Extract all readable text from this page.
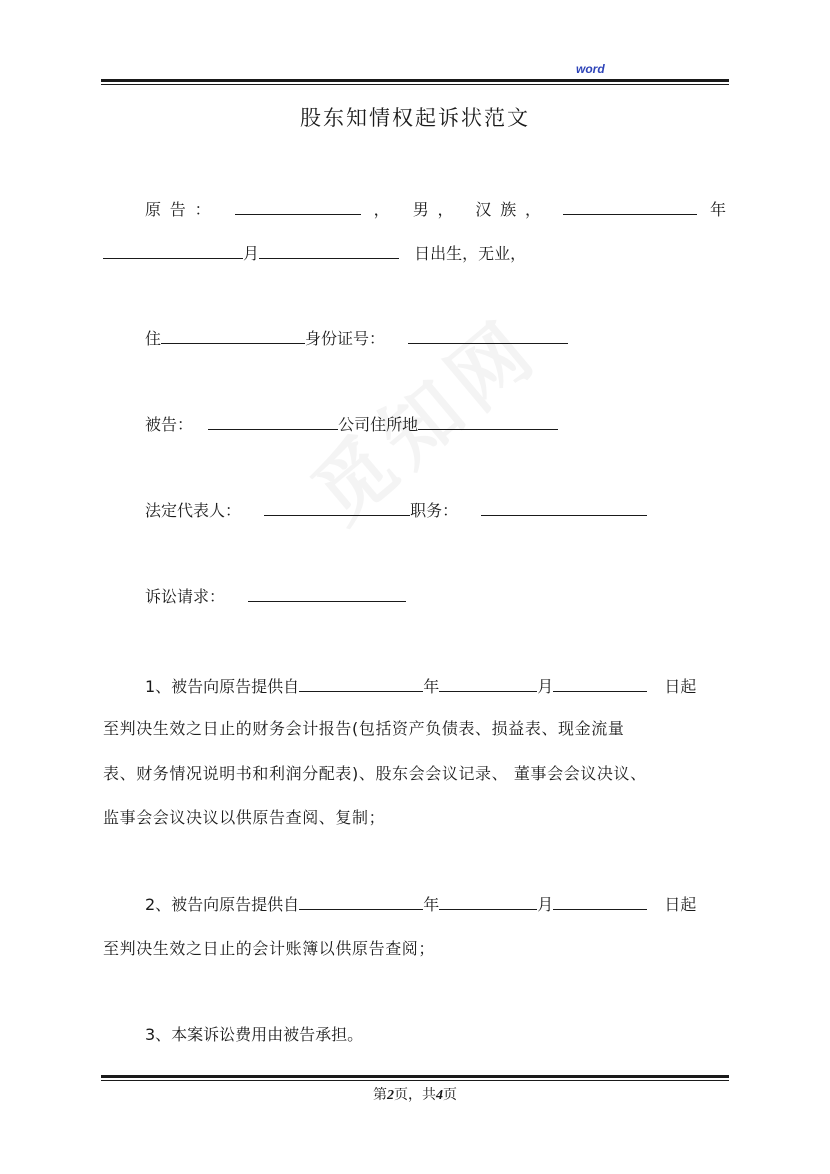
word
股东知情权起诉状范文
原告：	， 男， 汉族，	年
月	日出生，无业，
住	身份证号：
被告：	公司住所地
法定代表人：	职务：
诉讼请求：
1、被告向原告提供自	年	月	日起
至判决生效之日止的财务会计报告(包括资产负债表、损益表、现金流量
表、财务情况说明书和利润分配表)、股东会会议记录、 董事会会议决议、
监事会会议决议以供原告查阅、复制；
2、被告向原告提供自	年	月	日起
至判决生效之日止的会计账簿以供原告查阅；
3、本案诉讼费用由被告承担。
第2页，共4页
